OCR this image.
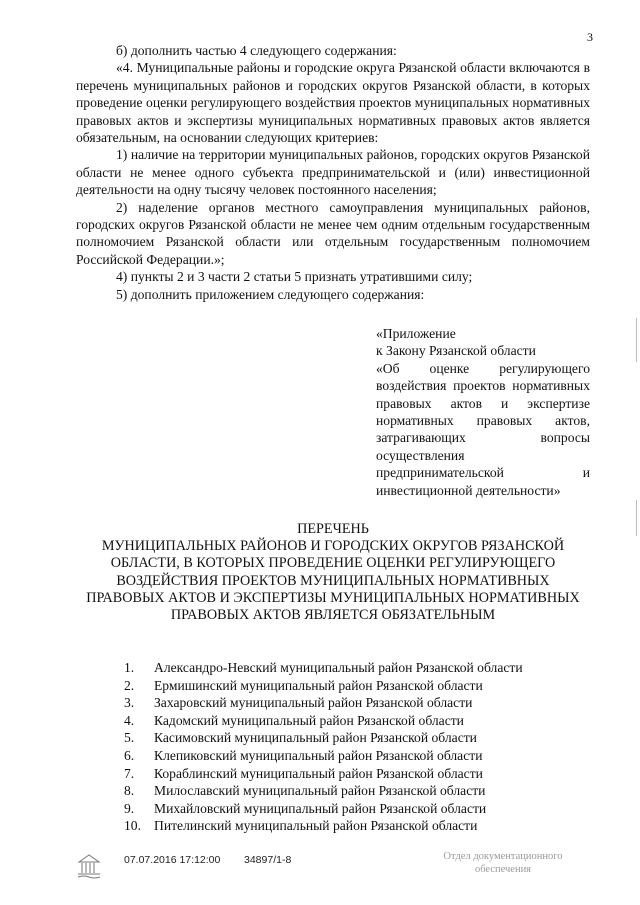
3

б) дополнить частью 4 следующего содержания:

«4. Муниципальные районы и городские округа Рязанской области включаются в перечень муниципальных районов и городских округов Рязанской области, в которых проведение оценки регулирующего воздействия проектов муниципальных нормативных правовых актов и экспертизы муниципальных нормативных правовых актов является обязательным, на основании следующих критериев:

1) наличие на территории муниципальных районов, городских округов Рязанской области не менее одного субъекта предпринимательской и (или) инвестиционной деятельности на одну тысячу человек постоянного населения;

2) наделение органов местного самоуправления муниципальных районов, городских округов Рязанской области не менее чем одним отдельным государственным полномочием Рязанской области или отдельным государственным полномочием Российской Федерации.»;

4) пункты 2 и 3 части 2 статьи 5 признать утратившими силу;

5) дополнить приложением следующего содержания:

«Приложение

к Закону Рязанской области

«Об оценке регулирующего воздействия проектов нормативных правовых актов и экспертизе нормативных правовых актов, затрагивающих вопросы осуществления предпринимательской и инвестиционной деятельности»

ПЕРЕЧЕНЬ

МУНИЦИПАЛЬНЫХ РАЙОНОВ И ГОРОДСКИХ ОКРУГОВ РЯЗАНСКОЙ ОБЛАСТИ, В КОТОРЫХ ПРОВЕДЕНИЕ ОЦЕНКИ РЕГУЛИРУЮЩЕГО ВОЗДЕЙСТВИЯ ПРОЕКТОВ МУНИЦИПАЛЬНЫХ НОРМАТИВНЫХ ПРАВОВЫХ АКТОВ И ЭКСПЕРТИЗЫ МУНИЦИПАЛЬНЫХ НОРМАТИВНЫХ ПРАВОВЫХ АКТОВ ЯВЛЯЕТСЯ ОБЯЗАТЕЛЬНЫМ

1.	Александро-Невский муниципальный район Рязанской области
2.	Ермишинский муниципальный район Рязанской области
3.	Захаровский муниципальный район Рязанской области
4.	Кадомский муниципальный район Рязанской области
5.	Касимовский муниципальный район Рязанской области
6.	Клепиковский муниципальный район Рязанской области
7.	Кораблинский муниципальный район Рязанской области
8.	Милославский муниципальный район Рязанской области
9.	Михайловский муниципальный район Рязанской области
10. Пителинский муниципальный район Рязанской области
07.07.2016 17:12:00 34897/1-8	Отдел документационного
обеспечения
